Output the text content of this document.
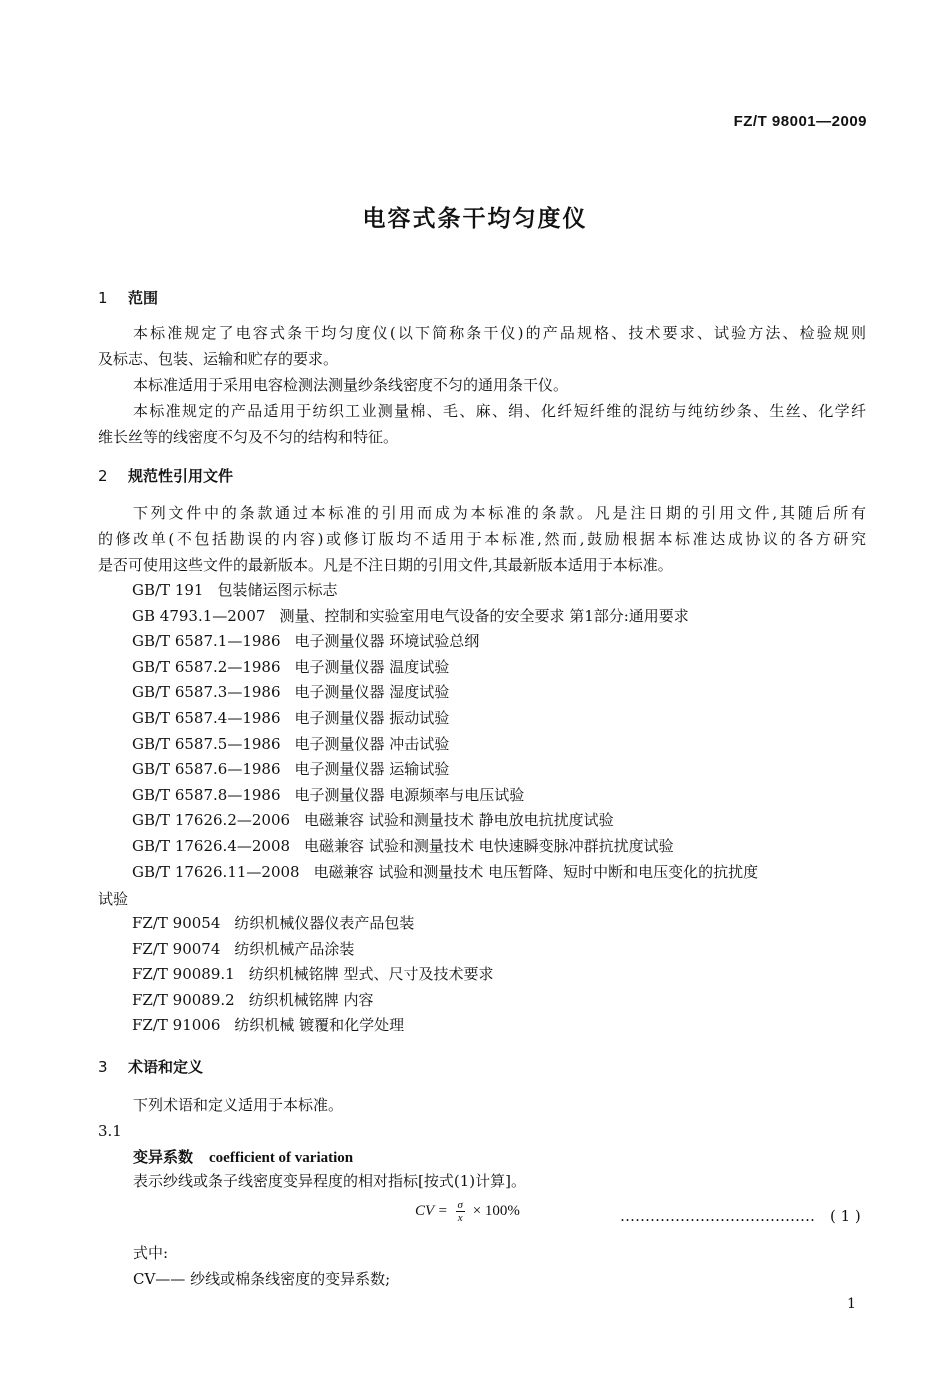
FZ/T 98001—2009
电容式条干均匀度仪
1 范围
本标准规定了电容式条干均匀度仪(以下简称条干仪)的产品规格、技术要求、试验方法、检验规则
及标志、包装、运输和贮存的要求。
本标准适用于采用电容检测法测量纱条线密度不匀的通用条干仪。
本标准规定的产品适用于纺织工业测量棉、毛、麻、绢、化纤短纤维的混纺与纯纺纱条、生丝、化学纤
维长丝等的线密度不匀及不匀的结构和特征。
2 规范性引用文件
下列文件中的条款通过本标准的引用而成为本标准的条款。凡是注日期的引用文件,其随后所有
的修改单(不包括勘误的内容)或修订版均不适用于本标准,然而,鼓励根据本标准达成协议的各方研究
是否可使用这些文件的最新版本。凡是不注日期的引用文件,其最新版本适用于本标准。
GB/T 191 包装储运图示标志
GB 4793.1—2007 测量、控制和实验室用电气设备的安全要求 第1部分:通用要求
GB/T 6587.1—1986 电子测量仪器 环境试验总纲
GB/T 6587.2—1986 电子测量仪器 温度试验
GB/T 6587.3—1986 电子测量仪器 湿度试验
GB/T 6587.4—1986 电子测量仪器 振动试验
GB/T 6587.5—1986 电子测量仪器 冲击试验
GB/T 6587.6—1986 电子测量仪器 运输试验
GB/T 6587.8—1986 电子测量仪器 电源频率与电压试验
GB/T 17626.2—2006 电磁兼容 试验和测量技术 静电放电抗扰度试验
GB/T 17626.4—2008 电磁兼容 试验和测量技术 电快速瞬变脉冲群抗扰度试验
GB/T 17626.11—2008 电磁兼容 试验和测量技术 电压暂降、短时中断和电压变化的抗扰度
试验
FZ/T 90054 纺织机械仪器仪表产品包装
FZ/T 90074 纺织机械产品涂装
FZ/T 90089.1 纺织机械铭牌 型式、尺寸及技术要求
FZ/T 90089.2 纺织机械铭牌 内容
FZ/T 91006 纺织机械 镀覆和化学处理
3 术语和定义
下列术语和定义适用于本标准。
3.1
变异系数 coefficient of variation
表示纱线或条子线密度变异程度的相对指标[按式(1)计算]。
CV = $\frac{\sigma}{x} \times 100\%$	………………………………… ( 1 )
式中:
CV—— 纱线或棉条线密度的变异系数;
1
